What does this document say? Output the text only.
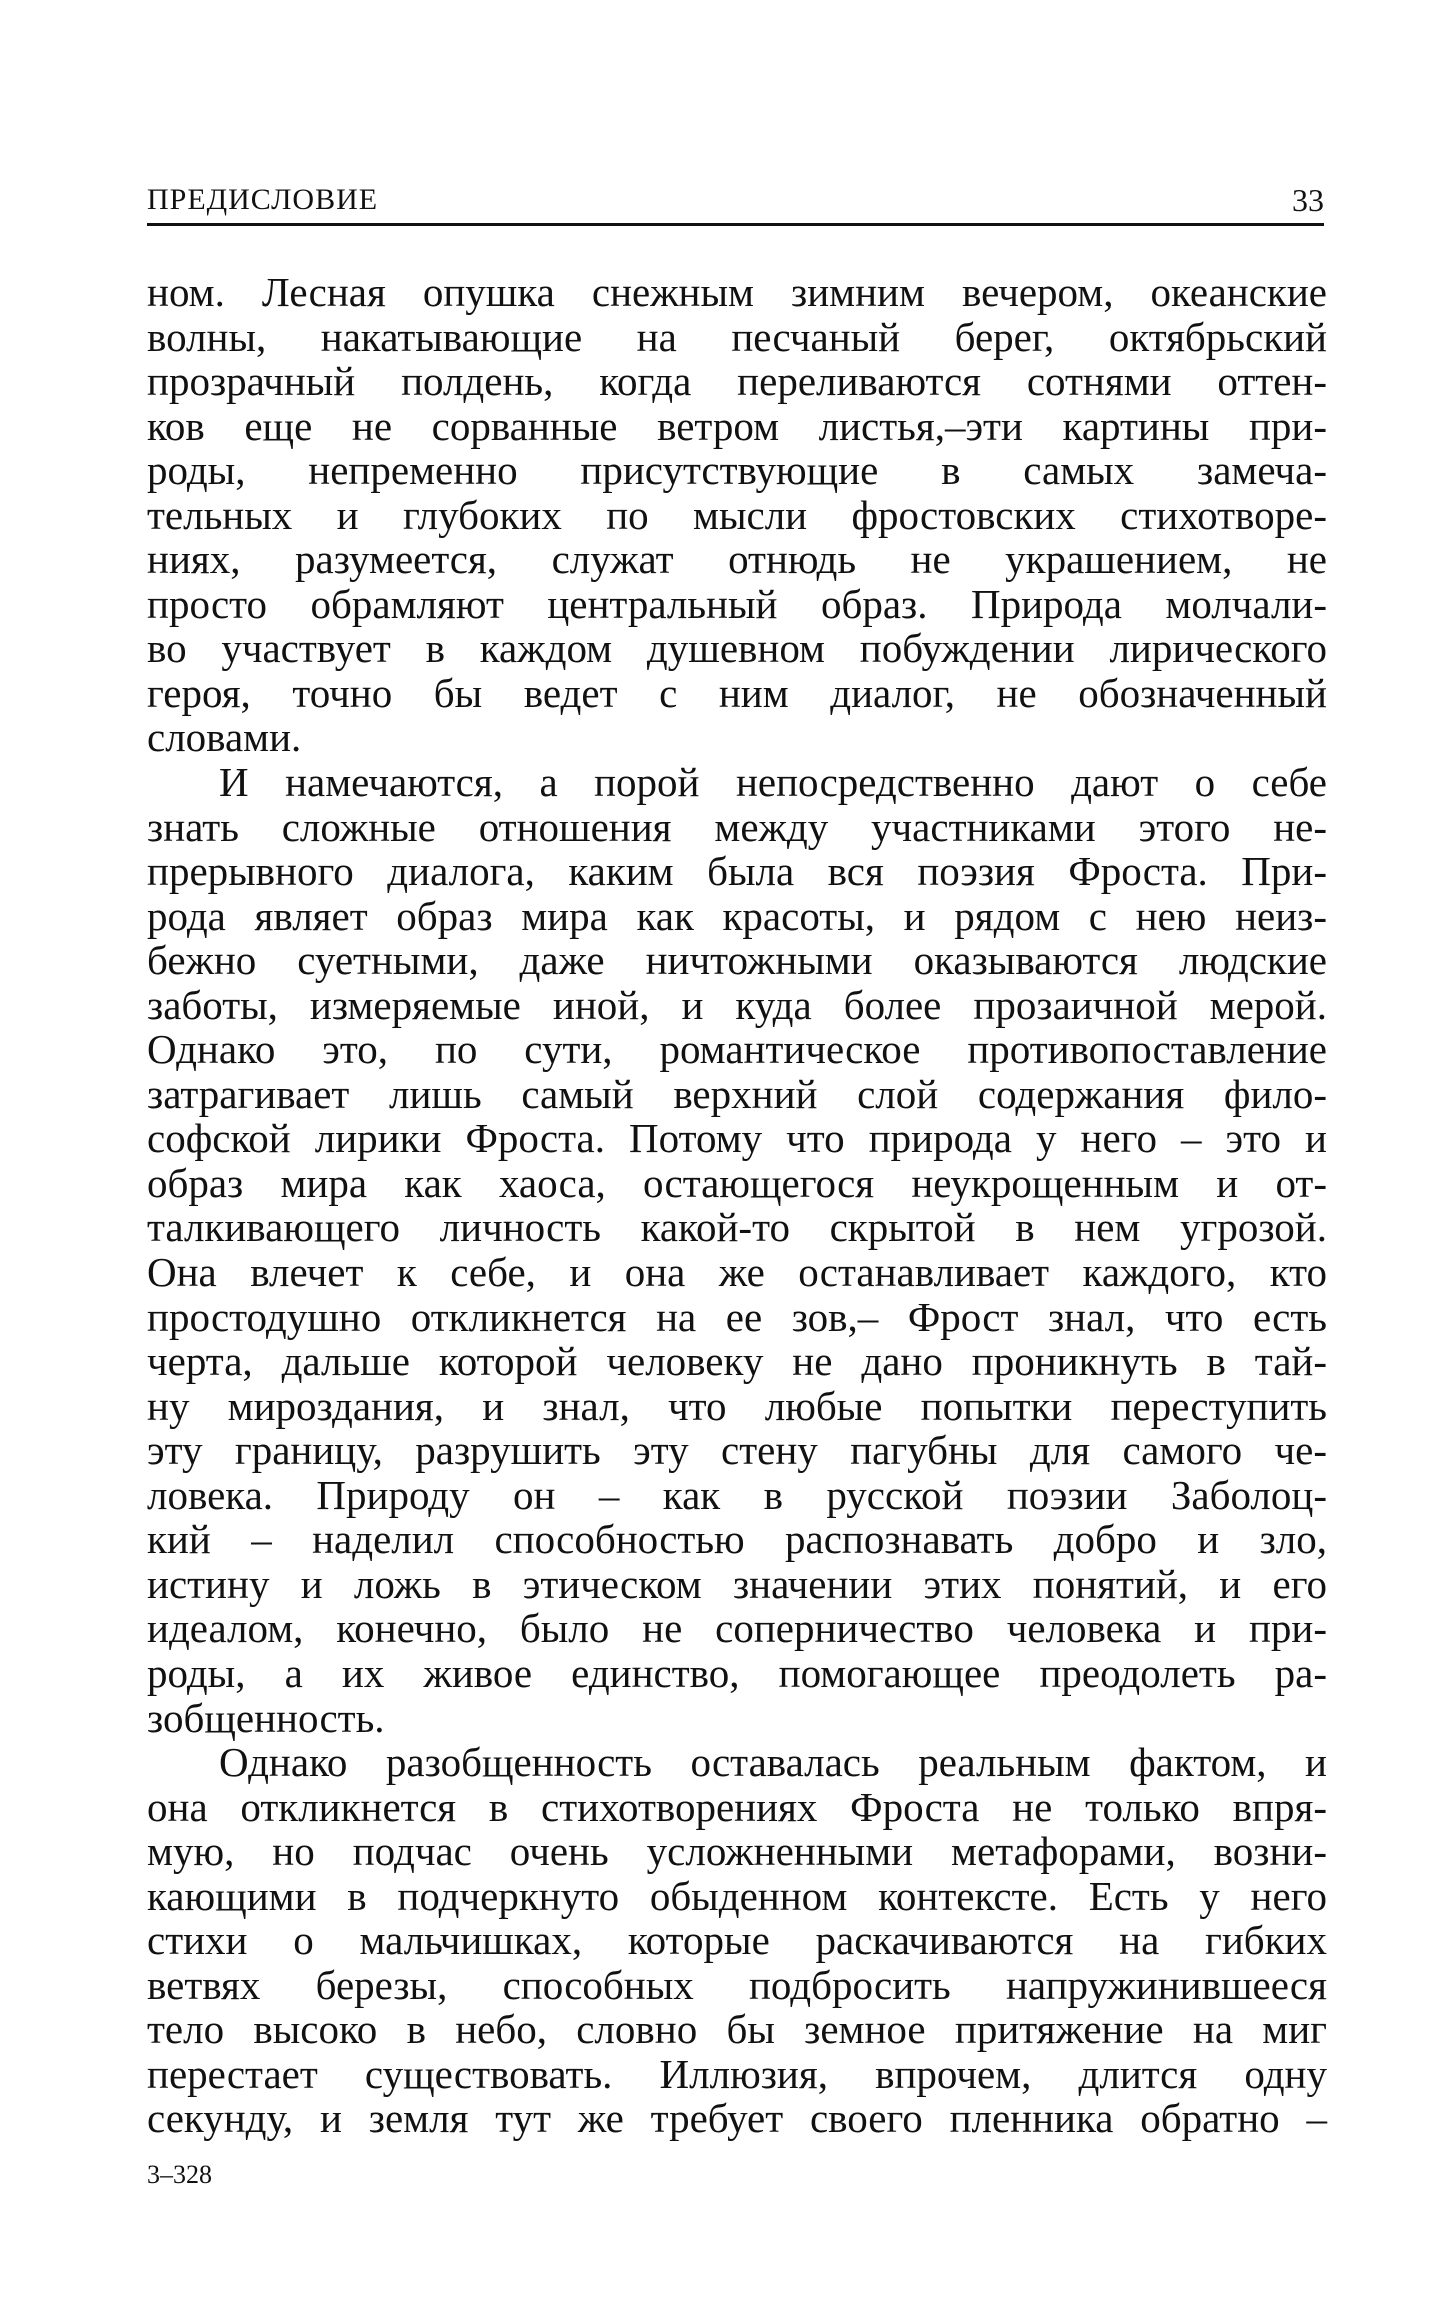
ПРЕДИСЛОВИЕ	33
ном. Лесная опушка снежным зимним вечером, океанские
волны, накатывающие на песчаный берег, октябрьский
прозрачный полдень, когда переливаются сотнями оттен-
ков еще не сорванные ветром листья,–эти картины при-
роды, непременно присутствующие в самых замеча-
тельных и глубоких по мысли фростовских стихотворе-
ниях, разумеется, служат отнюдь не украшением, не
просто обрамляют центральный образ. Природа молчали-
во участвует в каждом душевном побуждении лирического
героя, точно бы ведет с ним диалог, не обозначенный
словами.
И намечаются, а порой непосредственно дают о себе
знать сложные отношения между участниками этого не-
прерывного диалога, каким была вся поэзия Фроста. При-
рода являет образ мира как красоты, и рядом с нею неиз-
бежно суетными, даже ничтожными оказываются людские
заботы, измеряемые иной, и куда более прозаичной мерой.
Однако это, по сути, романтическое противопоставление
затрагивает лишь самый верхний слой содержания фило-
софской лирики Фроста. Потому что природа у него – это и
образ мира как хаоса, остающегося неукрощенным и от-
талкивающего личность какой-то скрытой в нем угрозой.
Она влечет к себе, и она же останавливает каждого, кто
простодушно откликнется на ее зов,– Фрост знал, что есть
черта, дальше которой человеку не дано проникнуть в тай-
ну мироздания, и знал, что любые попытки переступить
эту границу, разрушить эту стену пагубны для самого че-
ловека. Природу он – как в русской поэзии Заболоц-
кий – наделил способностью распознавать добро и зло,
истину и ложь в этическом значении этих понятий, и его
идеалом, конечно, было не соперничество человека и при-
роды, а их живое единство, помогающее преодолеть ра-
зобщенность.
Однако разобщенность оставалась реальным фактом, и
она откликнется в стихотворениях Фроста не только впря-
мую, но подчас очень усложненными метафорами, возни-
кающими в подчеркнуто обыденном контексте. Есть у него
стихи о мальчишках, которые раскачиваются на гибких
ветвях березы, способных подбросить напружинившееся
тело высоко в небо, словно бы земное притяжение на миг
перестает существовать. Иллюзия, впрочем, длится одну
секунду, и земля тут же требует своего пленника обратно –
3–328
